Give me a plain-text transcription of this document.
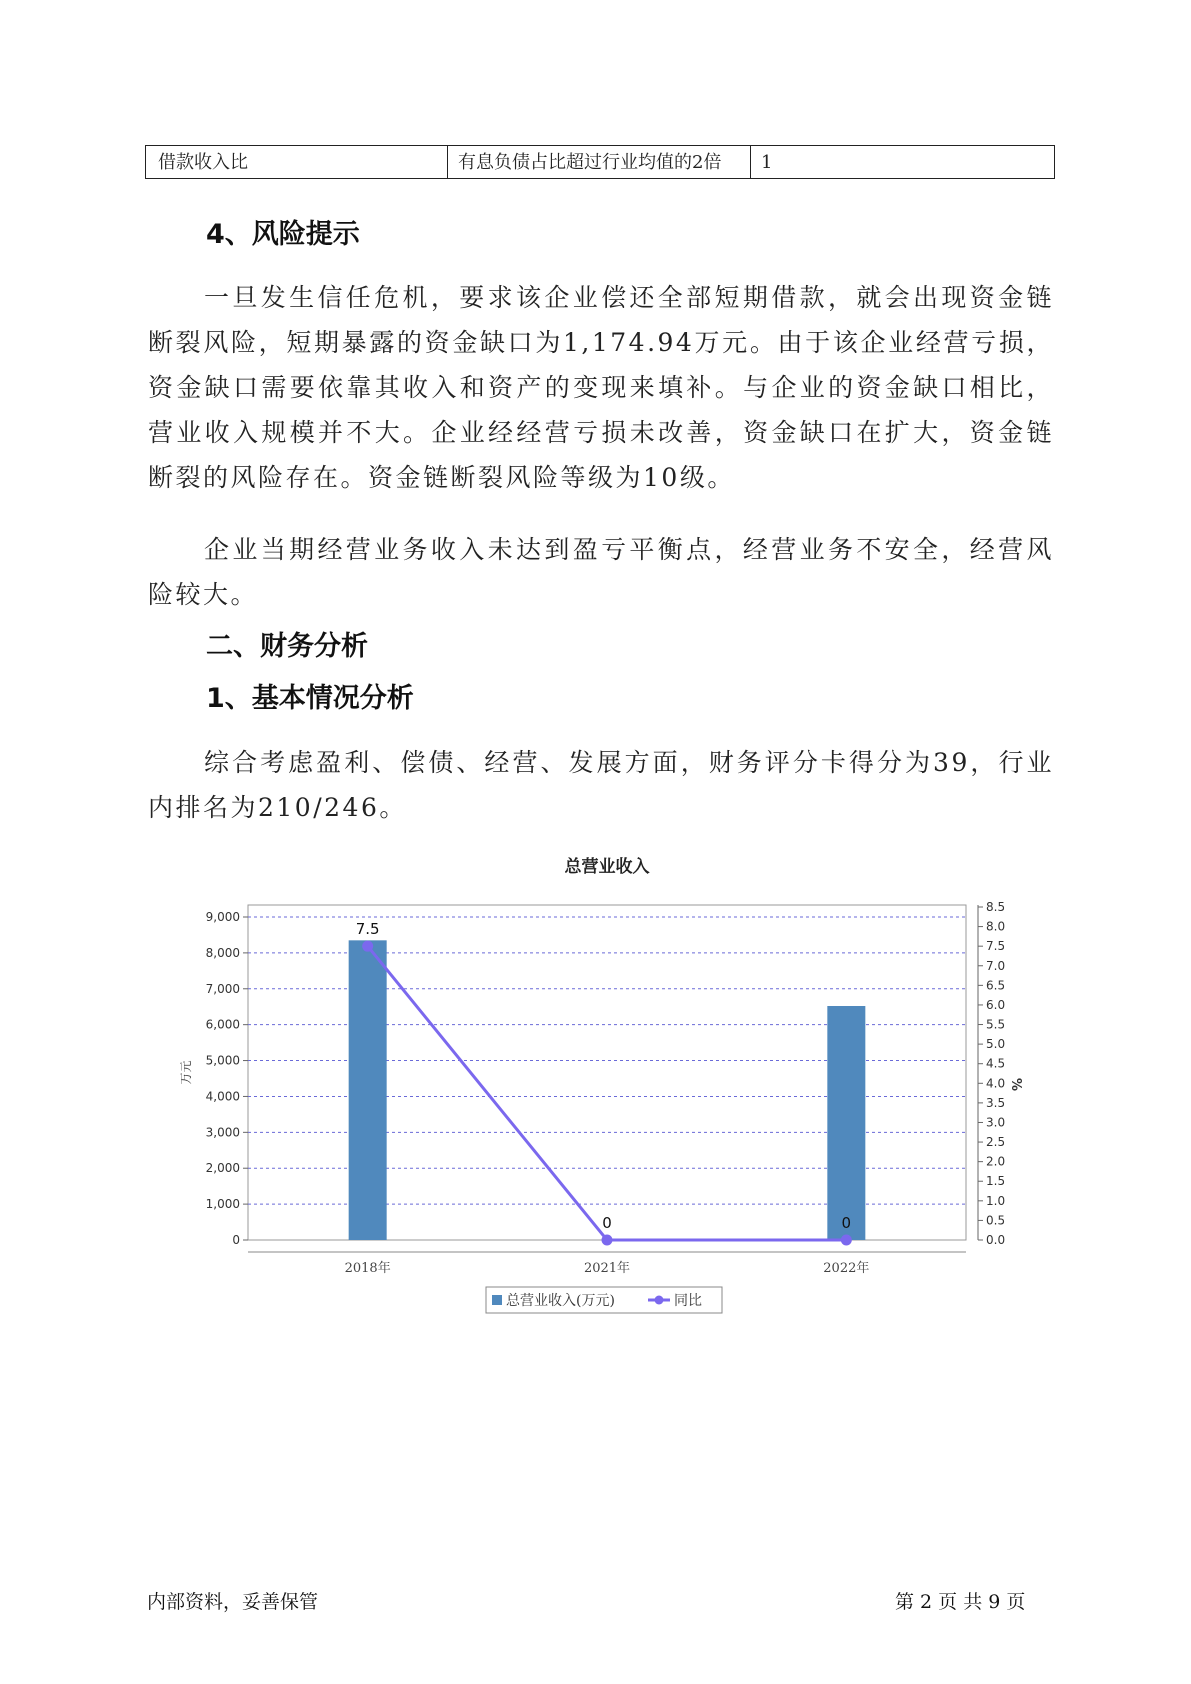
借款收入比	有息负债占比超过行业均值的2倍	1
4、风险提示

一旦发生信任危机，要求该企业偿还全部短期借款，就会出现资金链断裂风险，短期暴露的资金缺口为1,174.94万元。由于该企业经营亏损，资金缺口需要依靠其收入和资产的变现来填补。与企业的资金缺口相比，营业收入规模并不大。企业经经营亏损未改善，资金缺口在扩大，资金链断裂的风险存在。资金链断裂风险等级为10级。

企业当期经营业务收入未达到盈亏平衡点，经营业务不安全，经营风险较大。

二、财务分析
1、基本情况分析

综合考虑盈利、偿债、经营、发展方面，财务评分卡得分为39，行业内排名为210/246。

总营业收入
0
1,000
2,000
3,000
4,000
5,000
6,000
7,000
8,000
9,000
0.0
0.5
1.0
1.5
2.0
2.5
3.0
3.5
4.0
4.5
5.0
5.5
6.0
6.5
7.0
7.5
8.0
8.5
万元	%
2018年	2021年	2022年
7.5
0	0
总营业收入(万元)	同比
内部资料，妥善保管	第 2 页 共 9 页
